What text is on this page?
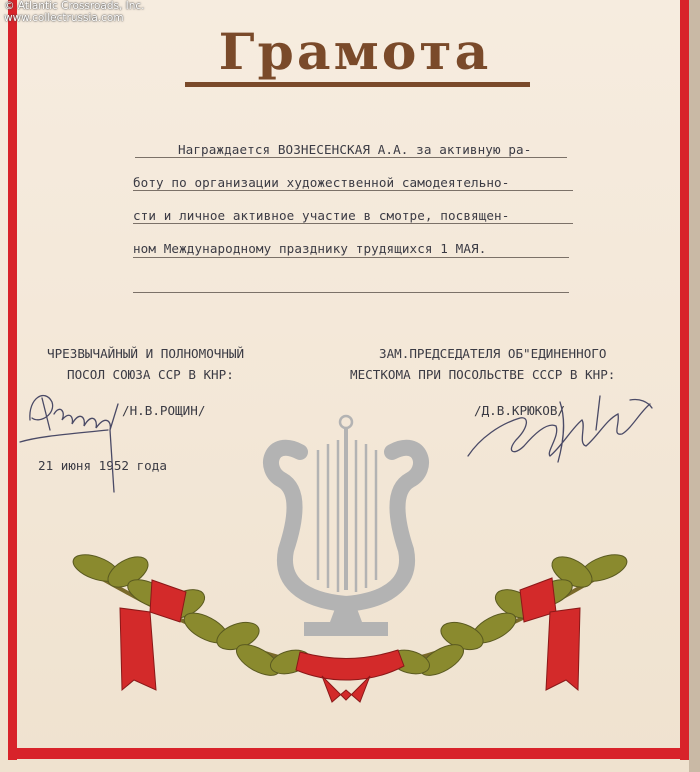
© Atlantic Crossroads, Inc.
www.collectrussia.com
Грамота
Награждается ВОЗНЕСЕНСКАЯ А.А. за активную ра-
боту по организации художественной самодеятельно-
сти и личное активное участие в смотре, посвящен-
ном Международному празднику трудящихся 1 МАЯ.
ЧРЕЗВЫЧАЙНЫЙ И ПОЛНОМОЧНЫЙ
ПОСОЛ СОЮЗА ССР В КНР:
/Н.В.РОЩИН/
21 июня 1952 года
ЗАМ.ПРЕДСЕДАТЕЛЯ ОБ"ЕДИНЕННОГО
МЕСТКОМА ПРИ ПОСОЛЬСТВЕ СССР В КНР:
/Д.В.КРЮКОВ/
